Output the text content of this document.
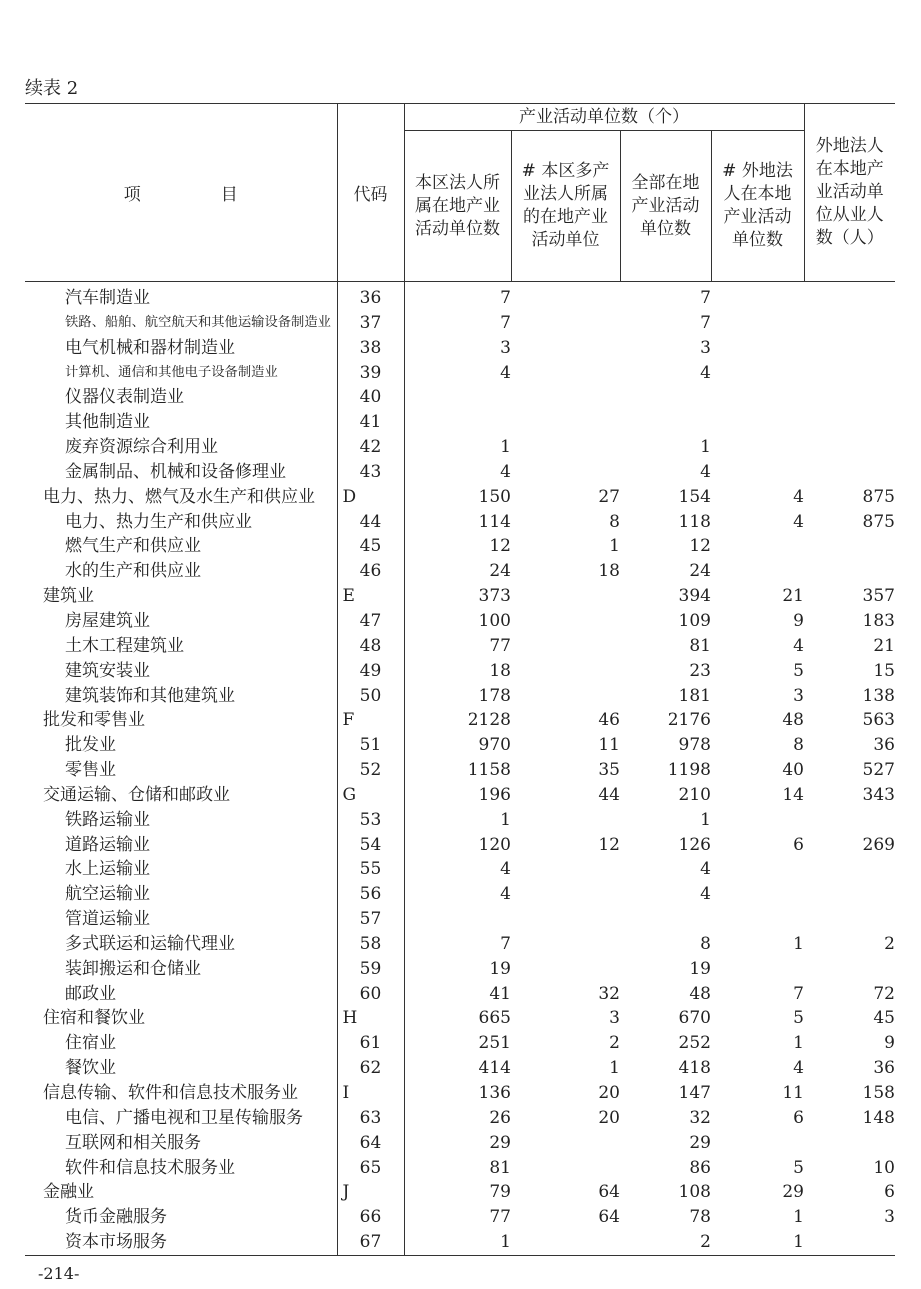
续表 2
项 目	代码	产业活动单位数（个）				外地法人在本地产业活动单位从业人数（人）
		本区法人所属在地产业活动单位数	# 本区多产业法人所属的在地产业活动单位	全部在地产业活动单位数	# 外地法人在本地产业活动单位数	
汽车制造业	36	7		7		
铁路、船舶、航空航天和其他运输设备制造业	37	7		7		
电气机械和器材制造业	38	3		3		
计算机、通信和其他电子设备制造业	39	4		4		
仪器仪表制造业	40					
其他制造业	41					
废弃资源综合利用业	42	1		1		
金属制品、机械和设备修理业	43	4		4		
电力、热力、燃气及水生产和供应业	D	150	27	154	4	875
电力、热力生产和供应业	44	114	8	118	4	875
燃气生产和供应业	45	12	1	12		
水的生产和供应业	46	24	18	24		
建筑业	E	373		394	21	357
房屋建筑业	47	100		109	9	183
土木工程建筑业	48	77		81	4	21
建筑安装业	49	18		23	5	15
建筑装饰和其他建筑业	50	178		181	3	138
批发和零售业	F	2128	46	2176	48	563
批发业	51	970	11	978	8	36
零售业	52	1158	35	1198	40	527
交通运输、仓储和邮政业	G	196	44	210	14	343
铁路运输业	53	1		1		
道路运输业	54	120	12	126	6	269
水上运输业	55	4		4		
航空运输业	56	4		4		
管道运输业	57					
多式联运和运输代理业	58	7		8	1	2
装卸搬运和仓储业	59	19		19		
邮政业	60	41	32	48	7	72
住宿和餐饮业	H	665	3	670	5	45
住宿业	61	251	2	252	1	9
餐饮业	62	414	1	418	4	36
信息传输、软件和信息技术服务业	I	136	20	147	11	158
电信、广播电视和卫星传输服务	63	26	20	32	6	148
互联网和相关服务	64	29		29		
软件和信息技术服务业	65	81		86	5	10
金融业	J	79	64	108	29	6
货币金融服务	66	77	64	78	1	3
资本市场服务	67	1		2	1	
-214-
